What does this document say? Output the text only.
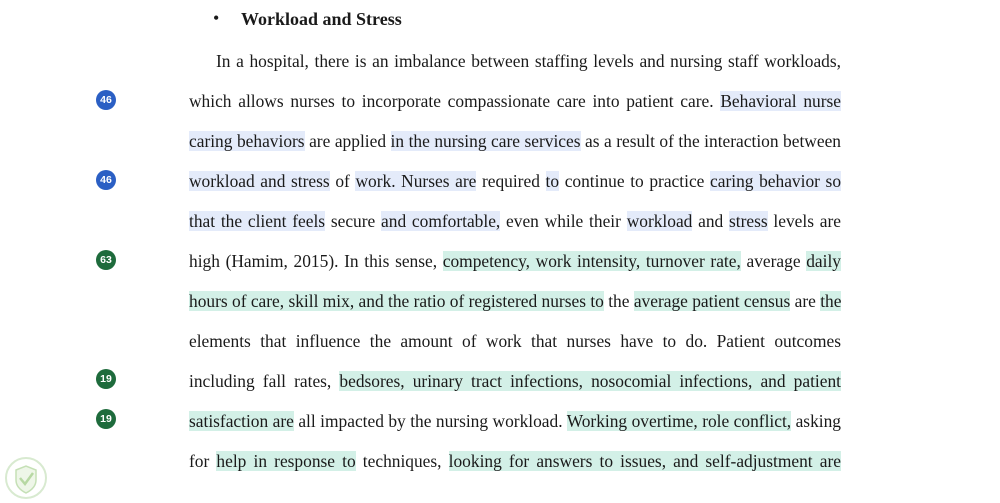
• Workload and Stress
In a hospital, there is an imbalance between staffing levels and nursing staff workloads,
which allows nurses to incorporate compassionate care into patient care. Behavioral nurse
caring behaviors are applied in the nursing care services as a result of the interaction between
workload and stress of work. Nurses are required to continue to practice caring behavior so
that the client feels secure and comfortable, even while their workload and stress levels are
high (Hamim, 2015). In this sense, competency, work intensity, turnover rate, average daily
hours of care, skill mix, and the ratio of registered nurses to the average patient census are the
elements that influence the amount of work that nurses have to do. Patient outcomes
including fall rates, bedsores, urinary tract infections, nosocomial infections, and patient
satisfaction are all impacted by the nursing workload. Working overtime, role conflict, asking
for help in response to techniques, looking for answers to issues, and self-adjustment are
46
46
63
19
19
